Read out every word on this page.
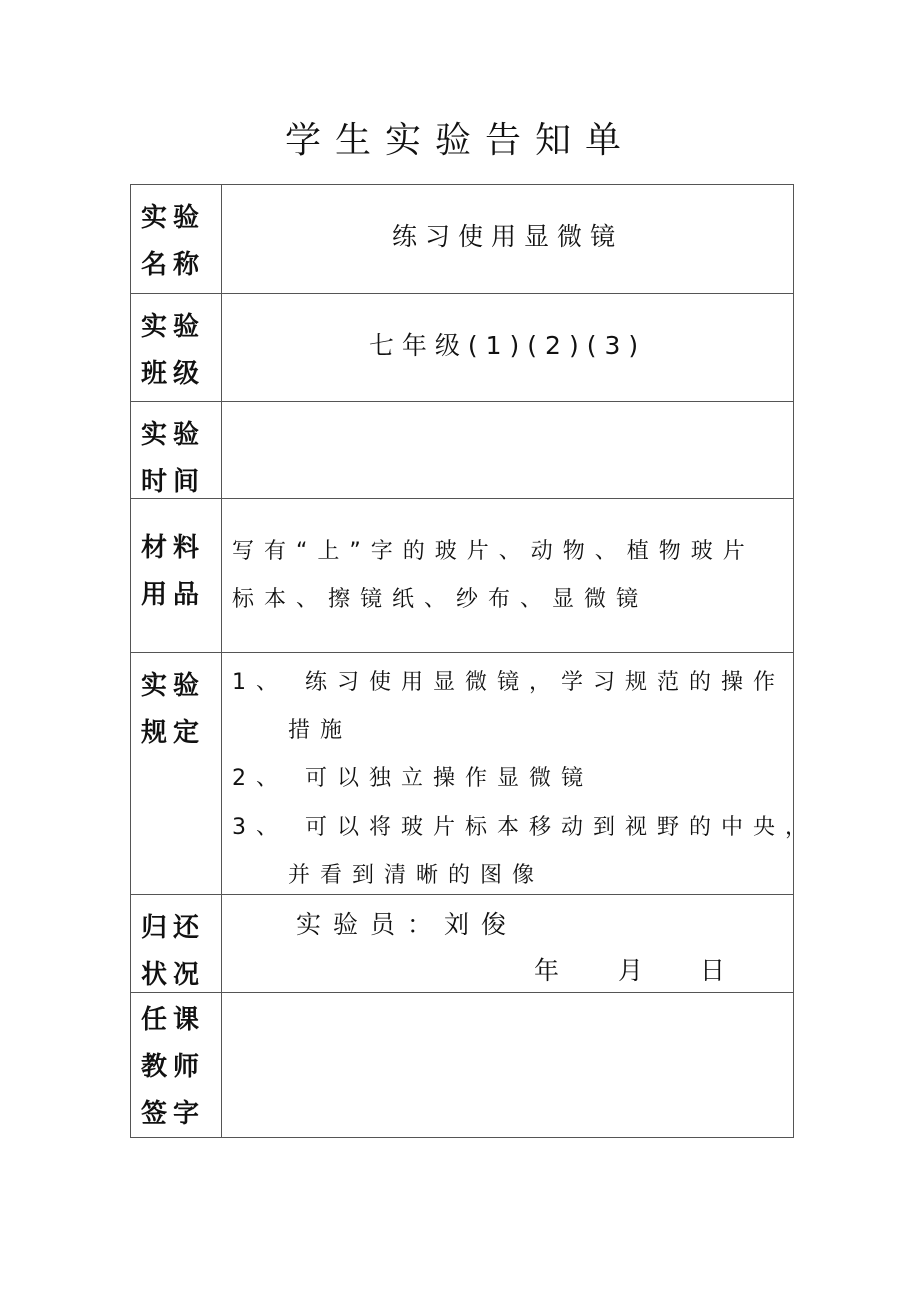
学生实验告知单
实验
名称
练习使用显微镜
实验
班级
七年级(1)(2)(3)
实验
时间
材料
用品
写有“上”字的玻片、动物、植物玻片
标本、擦镜纸、纱布、显微镜
实验
规定
1、 练习使用显微镜，学习规范的操作
措施
2、 可以独立操作显微镜
3、 可以将玻片标本移动到视野的中央，
并看到清晰的图像
归还
状况
实验员：刘俊
年 月 日
任课
教师
签字
